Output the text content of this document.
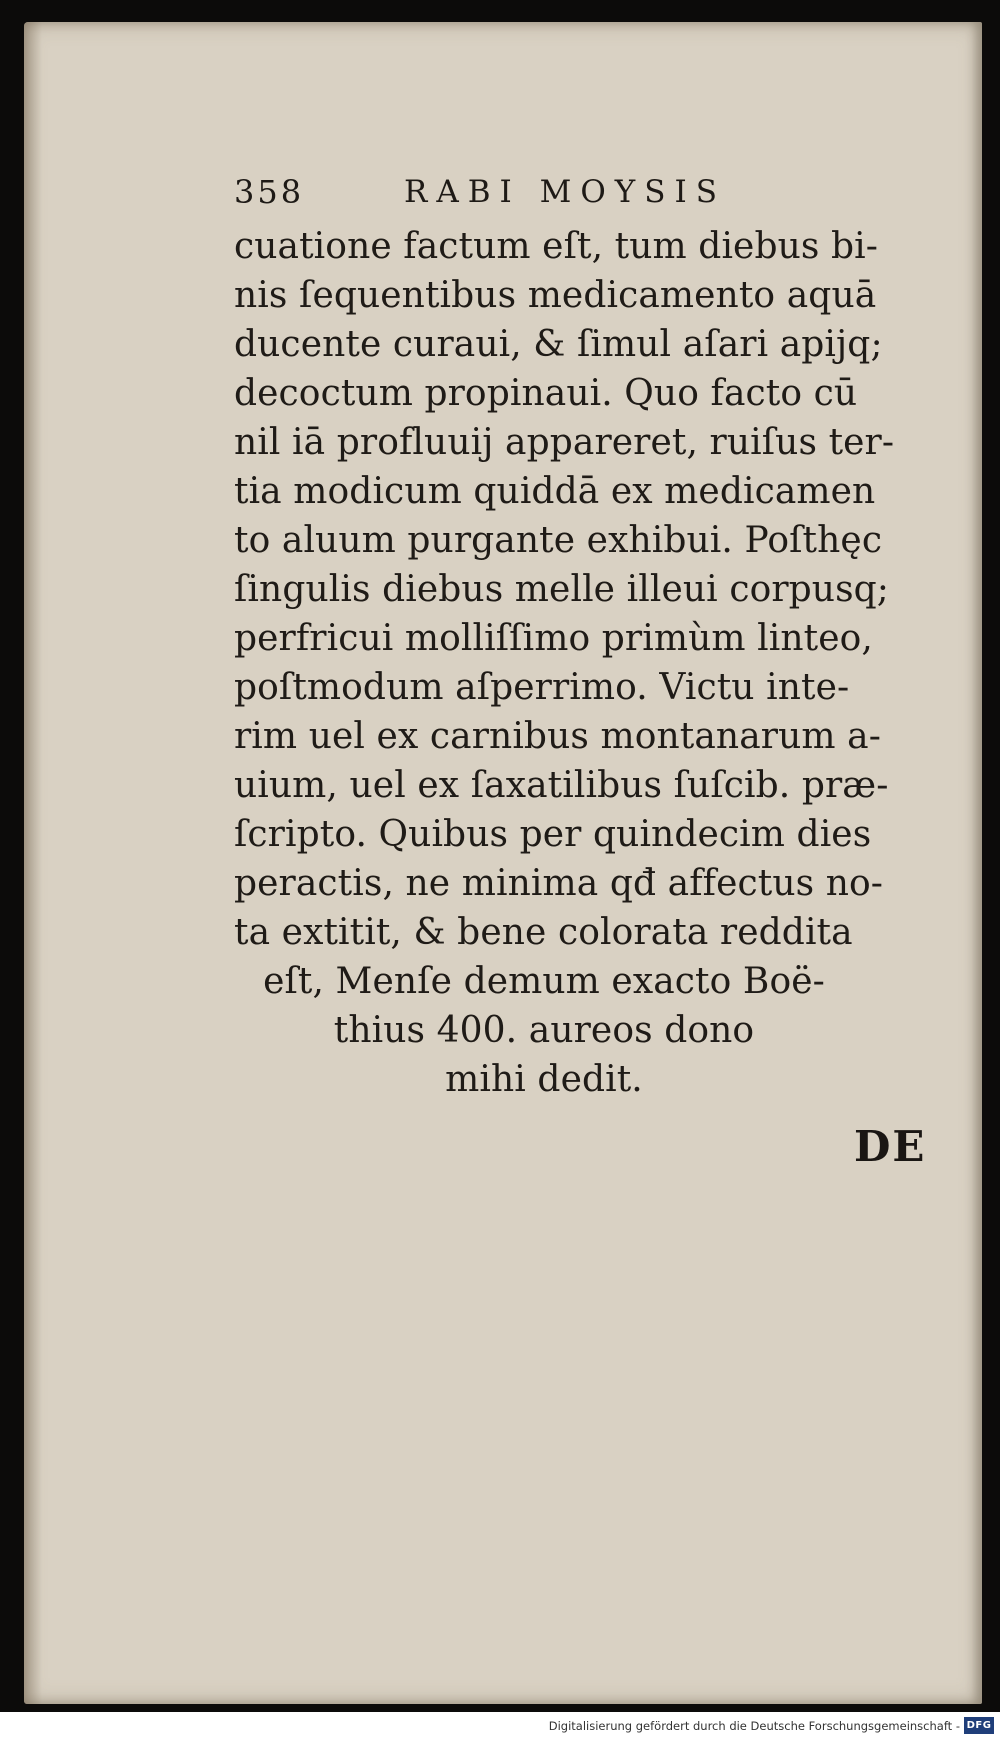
358	RABI MOYSIS
cuatione factum eſt, tum diebus bi-
nis ſequentibus medicamento aquā
ducente curaui, & ſimul aſari apijq;
decoctum propinaui. Quo facto cū
nil iā profluuij appareret, ruiſus ter-
tia modicum quiddā ex medicamen
to aluum purgante exhibui. Poſthęc
ſingulis diebus melle illeui corpusq;
perfricui molliſſimo primùm linteo,
poſtmodum aſperrimo. Victu inte-
rim uel ex carnibus montanarum a-
uium, uel ex ſaxatilibus ſuſcib. præ-
ſcripto. Quibus per quindecim dies
peractis, ne minima qđ affectus no-
ta extitit, & bene colorata reddita
eſt, Menſe demum exacto Boë-
thius 400. aureos dono
mihi dedit.
DE
Digitalisierung gefördert durch die Deutsche Forschungsgemeinschaft - DFG
